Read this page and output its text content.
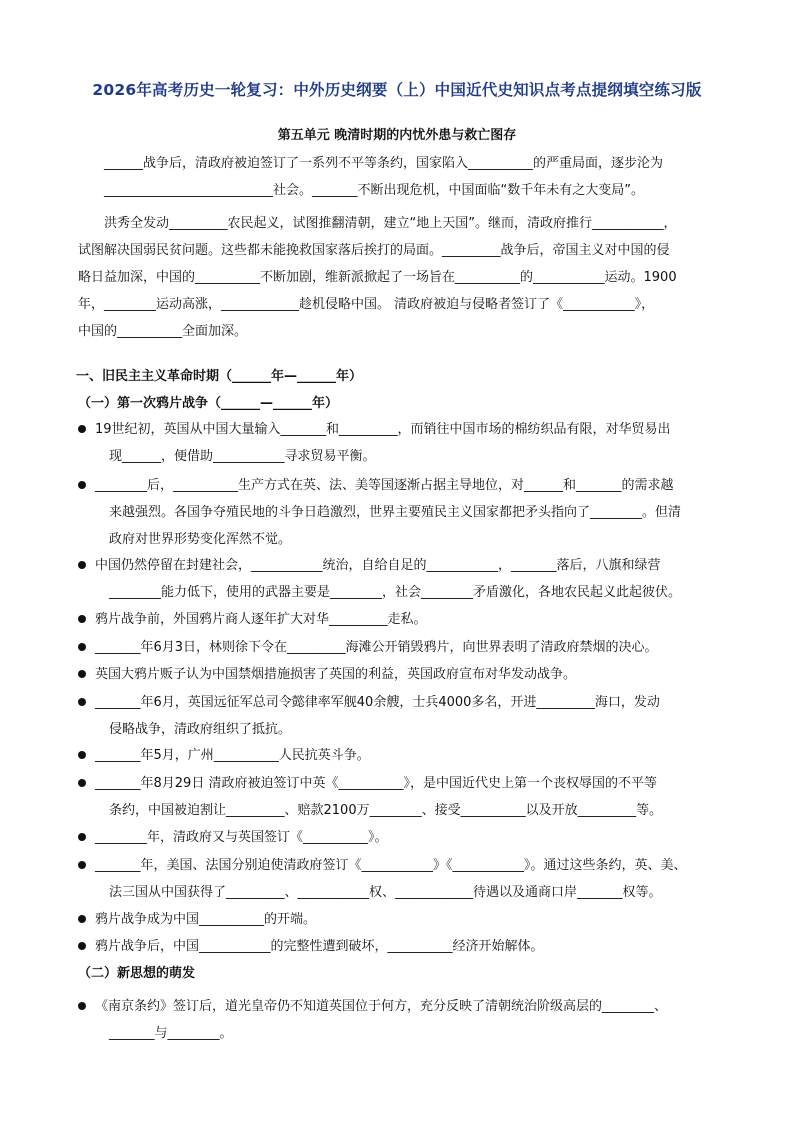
2026年高考历史一轮复习：中外历史纲要（上）中国近代史知识点考点提纲填空练习版
第五单元 晚清时期的内忧外患与救亡图存
______战争后，清政府被迫签订了一系列不平等条约，国家陷入__________的严重局面，逐步沦为
__________________________社会。_______不断出现危机，中国面临“数千年未有之大变局”。
洪秀全发动_________农民起义，试图推翻清朝，建立“地上天国”。继而，清政府推行___________，
试图解决国弱民贫问题。这些都未能挽救国家落后挨打的局面。_________战争后，帝国主义对中国的侵
略日益加深，中国的__________不断加剧，维新派掀起了一场旨在__________的___________运动。1900
年，________运动高涨，____________趁机侵略中国。 清政府被迫与侵略者签订了《___________》，
中国的__________全面加深。
一、旧民主主义革命时期（______年—______年）
（一）第一次鸦片战争（______—______年）
19世纪初，英国从中国大量输入_______和_________，而销往中国市场的棉纺织品有限，对华贸易出
现______，便借助___________寻求贸易平衡。
________后，__________生产方式在英、法、美等国逐渐占据主导地位，对______和_______的需求越
来越强烈。各国争夺殖民地的斗争日趋激烈，世界主要殖民主义国家都把矛头指向了________。但清
政府对世界形势变化浑然不觉。
中国仍然停留在封建社会，___________统治，自给自足的___________，_______落后，八旗和绿营
________能力低下，使用的武器主要是________，社会________矛盾激化，各地农民起义此起彼伏。
鸦片战争前，外国鸦片商人逐年扩大对华_________走私。
_______年6月3日，林则徐下令在_________海滩公开销毁鸦片，向世界表明了清政府禁烟的决心。
英国大鸦片贩子认为中国禁烟措施损害了英国的利益，英国政府宣布对华发动战争。
_______年6月，英国远征军总司令懿律率军舰40余艘，士兵4000多名，开进_________海口，发动
侵略战争，清政府组织了抵抗。
_______年5月，广州__________人民抗英斗争。
_______年8月29日 清政府被迫签订中英《__________》，是中国近代史上第一个丧权辱国的不平等
条约，中国被迫割让_________、赔款2100万________、接受__________以及开放_________等。
________年，清政府又与英国签订《__________》。
_______年，美国、法国分别迫使清政府签订《___________》《___________》。通过这些条约，英、美、
法三国从中国获得了_________、___________权、____________待遇以及通商口岸_______权等。
鸦片战争成为中国__________的开端。
鸦片战争后，中国___________的完整性遭到破坏，__________经济开始解体。
（二）新思想的萌发
《南京条约》签订后，道光皇帝仍不知道英国位于何方，充分反映了清朝统治阶级高层的________、
_______与________。
